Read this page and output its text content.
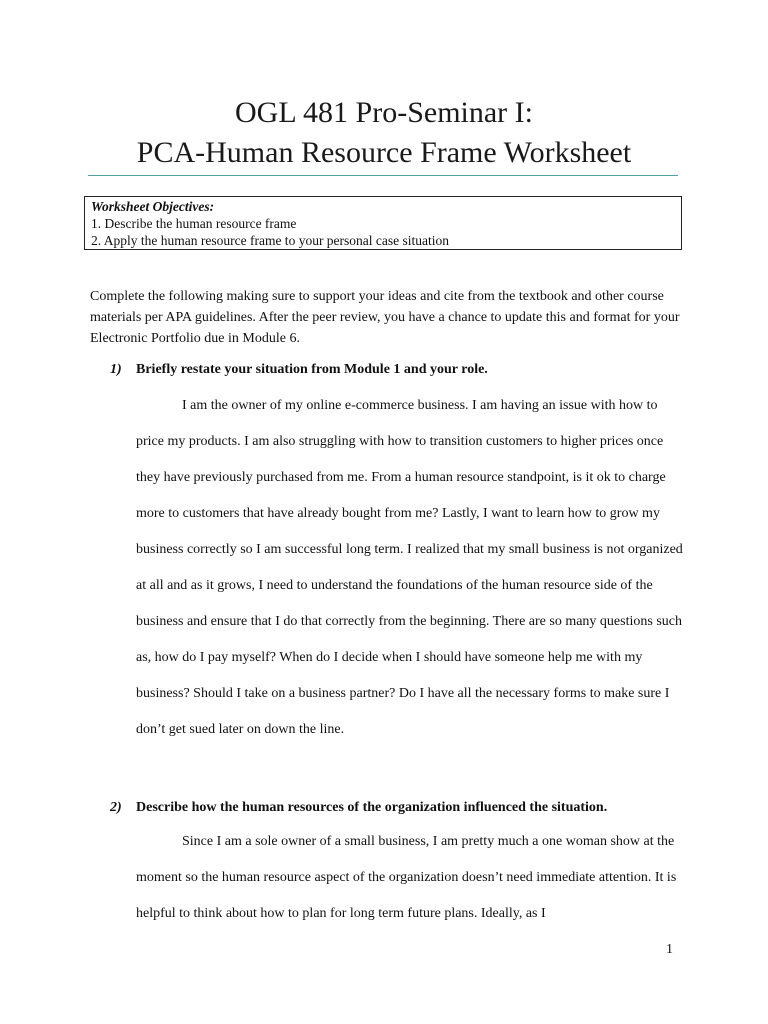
OGL 481 Pro-Seminar I:
PCA-Human Resource Frame Worksheet
Worksheet Objectives:
1. Describe the human resource frame
2. Apply the human resource frame to your personal case situation

Complete the following making sure to support your ideas and cite from the textbook and other course materials per APA guidelines. After the peer review, you have a chance to update this and format for your Electronic Portfolio due in Module 6.

1) Briefly restate your situation from Module 1 and your role.

I am the owner of my online e-commerce business. I am having an issue with how to price my products. I am also struggling with how to transition customers to higher prices once they have previously purchased from me. From a human resource standpoint, is it ok to charge more to customers that have already bought from me? Lastly, I want to learn how to grow my business correctly so I am successful long term. I realized that my small business is not organized at all and as it grows, I need to understand the foundations of the human resource side of the business and ensure that I do that correctly from the beginning. There are so many questions such as, how do I pay myself? When do I decide when I should have someone help me with my business? Should I take on a business partner? Do I have all the necessary forms to make sure I don’t get sued later on down the line.

2) Describe how the human resources of the organization influenced the situation.

Since I am a sole owner of a small business, I am pretty much a one woman show at the moment so the human resource aspect of the organization doesn’t need immediate attention. It is helpful to think about how to plan for long term future plans. Ideally, as I

1
